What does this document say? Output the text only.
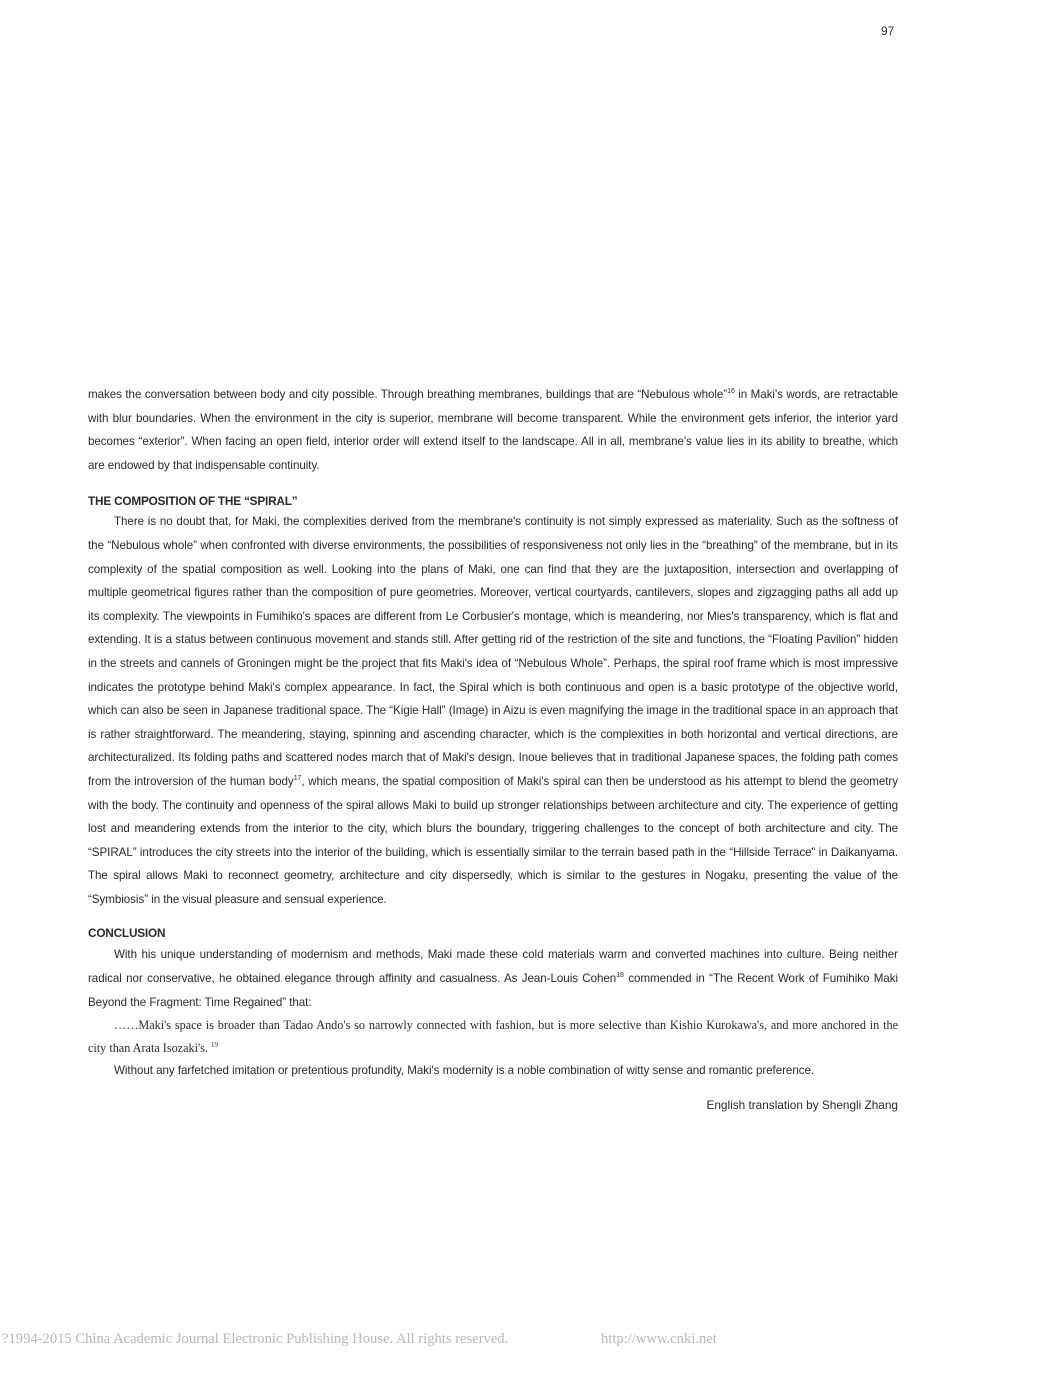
97

makes the conversation between body and city possible. Through breathing membranes, buildings that are “Nebulous whole”$^{16}$ in Maki's words, are retractable with blur boundaries. When the environment in the city is superior, membrane will become transparent. While the environment gets inferior, the interior yard becomes “exterior”. When facing an open field, interior order will extend itself to the landscape. All in all, membrane's value lies in its ability to breathe, which are endowed by that indispensable continuity.

THE COMPOSITION OF THE “SPIRAL”

There is no doubt that, for Maki, the complexities derived from the membrane's continuity is not simply expressed as materiality. Such as the softness of the “Nebulous whole” when confronted with diverse environments, the possibilities of responsiveness not only lies in the “breathing” of the membrane, but in its complexity of the spatial composition as well. Looking into the plans of Maki, one can find that they are the juxtaposition, intersection and overlapping of multiple geometrical figures rather than the composition of pure geometries. Moreover, vertical courtyards, cantilevers, slopes and zigzagging paths all add up its complexity. The viewpoints in Fumihiko's spaces are different from Le Corbusier's montage, which is meandering, nor Mies's transparency, which is flat and extending. It is a status between continuous movement and stands still. After getting rid of the restriction of the site and functions, the “Floating Pavilion” hidden in the streets and cannels of Groningen might be the project that fits Maki's idea of “Nebulous Whole”. Perhaps, the spiral roof frame which is most impressive indicates the prototype behind Maki's complex appearance. In fact, the Spiral which is both continuous and open is a basic prototype of the objective world, which can also be seen in Japanese traditional space. The “Kigie Hall” (Image) in Aizu is even magnifying the image in the traditional space in an approach that is rather straightforward. The meandering, staying, spinning and ascending character, which is the complexities in both horizontal and vertical directions, are architecturalized. Its folding paths and scattered nodes march that of Maki's design. Inoue believes that in traditional Japanese spaces, the folding path comes from the introversion of the human body$^{17}$, which means, the spatial composition of Maki's spiral can then be understood as his attempt to blend the geometry with the body. The continuity and openness of the spiral allows Maki to build up stronger relationships between architecture and city. The experience of getting lost and meandering extends from the interior to the city, which blurs the boundary, triggering challenges to the concept of both architecture and city. The “SPIRAL” introduces the city streets into the interior of the building, which is essentially similar to the terrain based path in the “Hillside Terrace” in Daikanyama. The spiral allows Maki to reconnect geometry, architecture and city dispersedly, which is similar to the gestures in Nogaku, presenting the value of the “Symbiosis” in the visual pleasure and sensual experience.

CONCLUSION

With his unique understanding of modernism and methods, Maki made these cold materials warm and converted machines into culture. Being neither radical nor conservative, he obtained elegance through affinity and casualness. As Jean-Louis Cohen$^{18}$ commended in “The Recent Work of Fumihiko Maki Beyond the Fragment: Time Regained” that:

……Maki's space is broader than Tadao Ando's so narrowly connected with fashion, but is more selective than Kishio Kurokawa's, and more anchored in the city than Arata Isozaki's. $^{19}$

Without any farfetched imitation or pretentious profundity, Maki's modernity is a noble combination of witty sense and romantic preference.

English translation by Shengli Zhang
?1994-2015 China Academic Journal Electronic Publishing House. All rights reserved.	http://www.cnki.net
